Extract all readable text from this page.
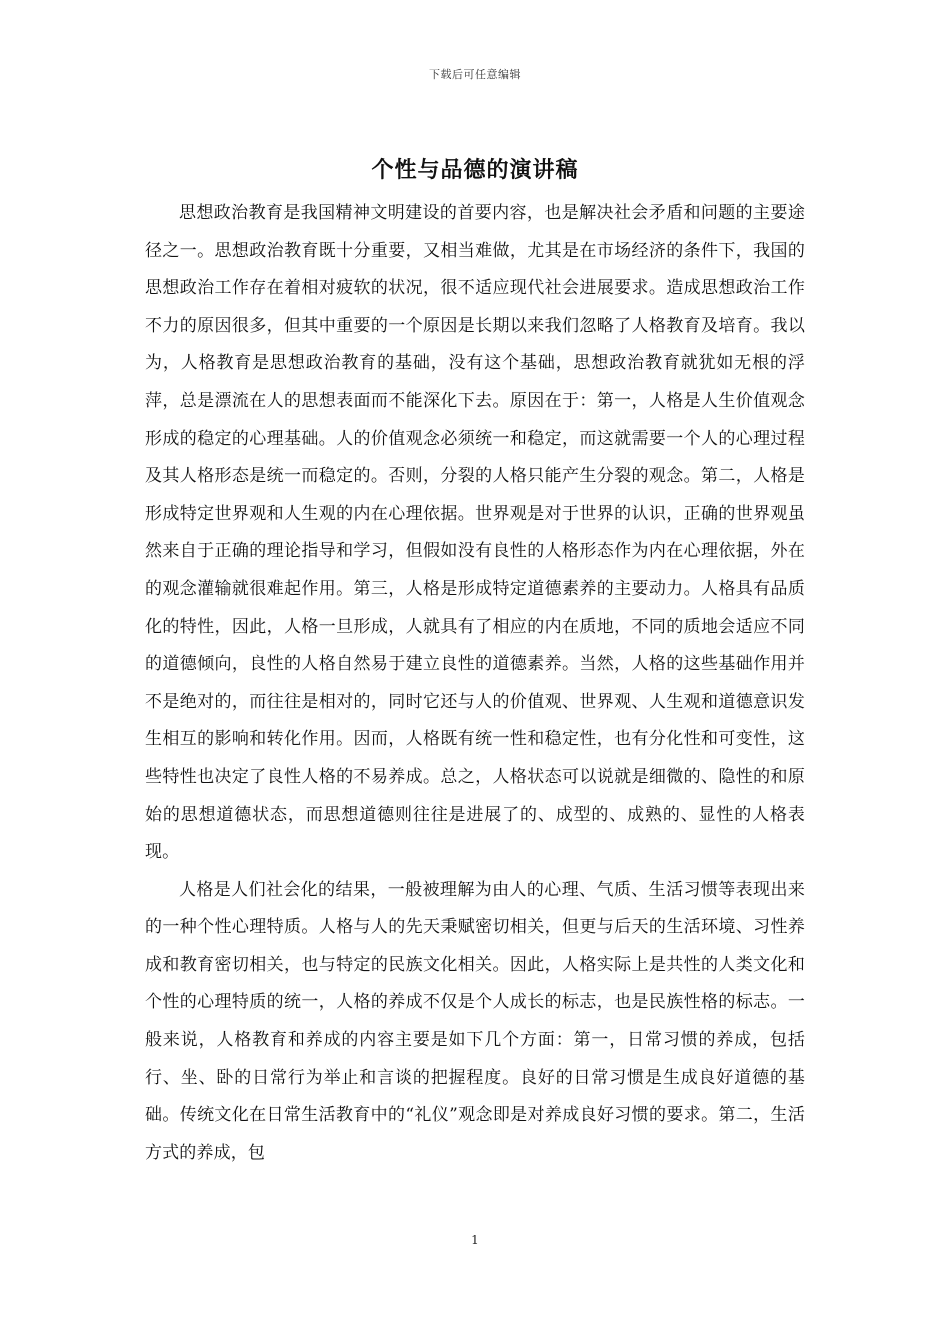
下载后可任意编辑
个性与品德的演讲稿

思想政治教育是我国精神文明建设的首要内容，也是解决社会矛盾和问题的主要途径之一。思想政治教育既十分重要，又相当难做，尤其是在市场经济的条件下，我国的思想政治工作存在着相对疲软的状况，很不适应现代社会进展要求。造成思想政治工作不力的原因很多，但其中重要的一个原因是长期以来我们忽略了人格教育及培育。我以为，人格教育是思想政治教育的基础，没有这个基础，思想政治教育就犹如无根的浮萍，总是漂流在人的思想表面而不能深化下去。原因在于：第一，人格是人生价值观念形成的稳定的心理基础。人的价值观念必须统一和稳定，而这就需要一个人的心理过程及其人格形态是统一而稳定的。否则，分裂的人格只能产生分裂的观念。第二，人格是形成特定世界观和人生观的内在心理依据。世界观是对于世界的认识，正确的世界观虽然来自于正确的理论指导和学习，但假如没有良性的人格形态作为内在心理依据，外在的观念灌输就很难起作用。第三，人格是形成特定道德素养的主要动力。人格具有品质化的特性，因此，人格一旦形成，人就具有了相应的内在质地，不同的质地会适应不同的道德倾向，良性的人格自然易于建立良性的道德素养。当然，人格的这些基础作用并不是绝对的，而往往是相对的，同时它还与人的价值观、世界观、人生观和道德意识发生相互的影响和转化作用。因而，人格既有统一性和稳定性，也有分化性和可变性，这些特性也决定了良性人格的不易养成。总之，人格状态可以说就是细微的、隐性的和原始的思想道德状态，而思想道德则往往是进展了的、成型的、成熟的、显性的人格表现。

人格是人们社会化的结果，一般被理解为由人的心理、气质、生活习惯等表现出来的一种个性心理特质。人格与人的先天秉赋密切相关，但更与后天的生活环境、习性养成和教育密切相关，也与特定的民族文化相关。因此，人格实际上是共性的人类文化和个性的心理特质的统一，人格的养成不仅是个人成长的标志，也是民族性格的标志。一般来说，人格教育和养成的内容主要是如下几个方面：第一，日常习惯的养成，包括行、坐、卧的日常行为举止和言谈的把握程度。良好的日常习惯是生成良好道德的基础。传统文化在日常生活教育中的“礼仪”观念即是对养成良好习惯的要求。第二，生活方式的养成，包

1
